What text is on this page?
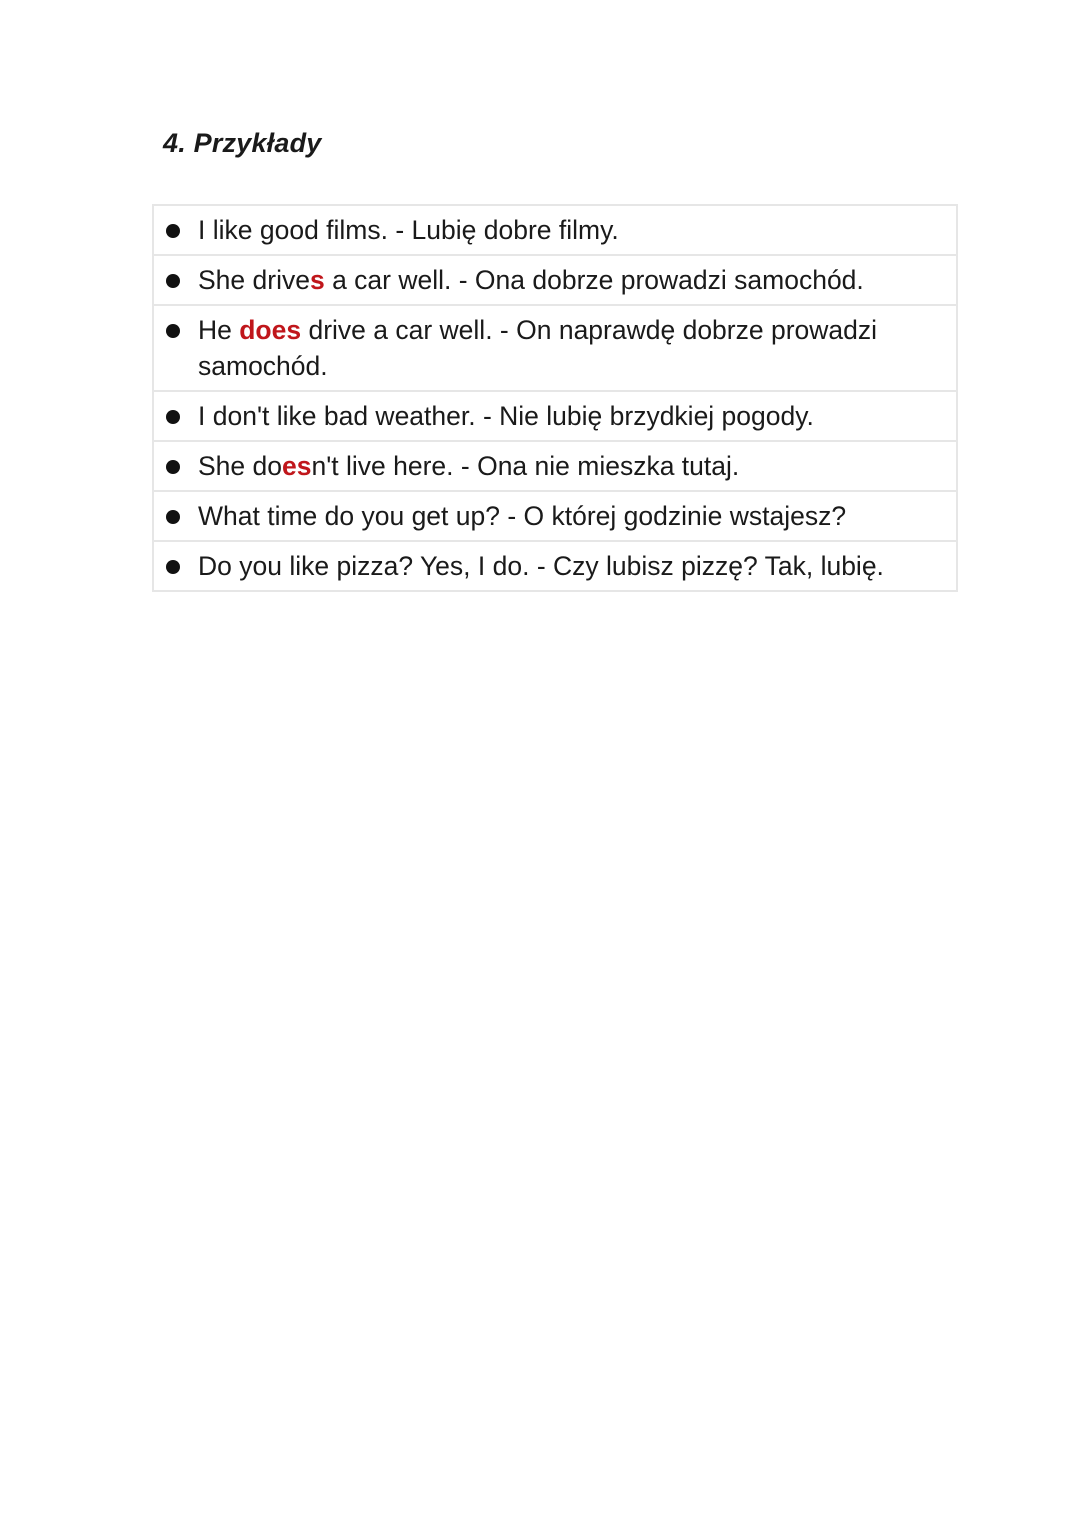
4. Przykłady
I like good films. - Lubię dobre filmy.

She drives a car well. - Ona dobrze prowadzi samochód.

He does drive a car well. - On naprawdę dobrze prowadzi samochód.

I don't like bad weather. - Nie lubię brzydkiej pogody.

She doesn't live here. - Ona nie mieszka tutaj.

What time do you get up? - O której godzinie wstajesz?

Do you like pizza? Yes, I do. - Czy lubisz pizzę? Tak, lubię.
